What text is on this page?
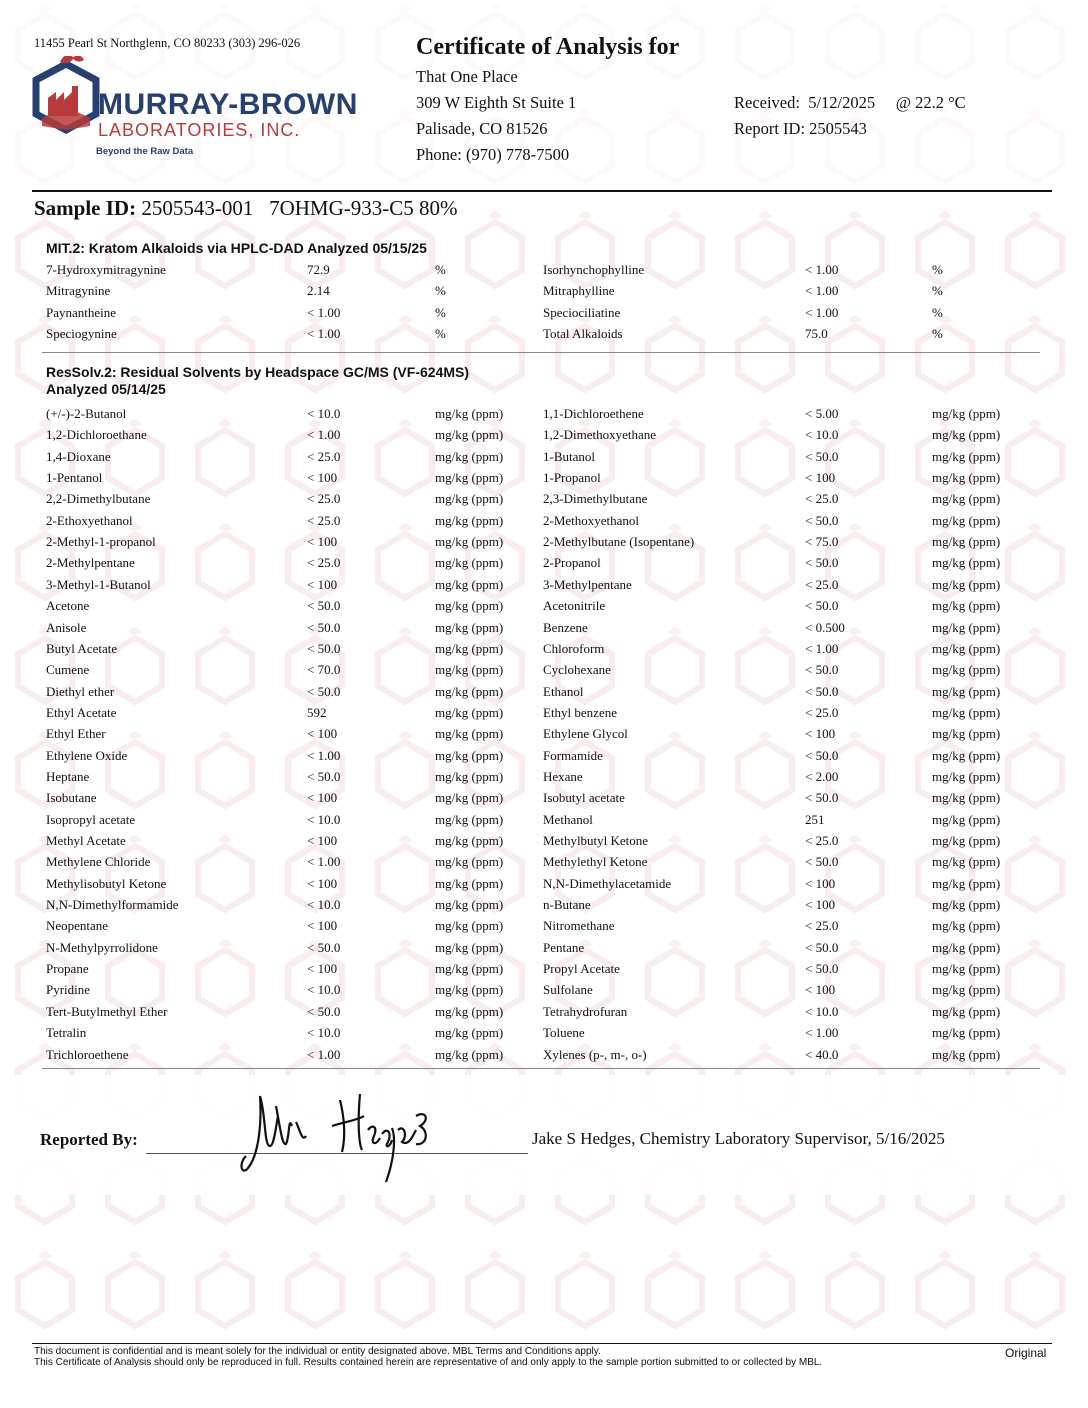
11455 Pearl St Northglenn, CO 80233 (303) 296-026
MURRAY-BROWN
LABORATORIES, INC.
Beyond the Raw Data
Certificate of Analysis for
That One Place
309 W Eighth St Suite 1
Palisade, CO 81526
Phone: (970) 778-7500
Received:  5/12/2025     @ 22.2 °C
Report ID: 2505543
Sample ID: 2505543-001   7OHMG-933-C5 80%
MIT.2: Kratom Alkaloids via HPLC-DAD Analyzed 05/15/25
7-Hydroxymitragynine	72.9	%	Isorhynchophylline	< 1.00	%
Mitragynine	2.14	%	Mitraphylline	< 1.00	%
Paynantheine	< 1.00	%	Speciociliatine	< 1.00	%
Speciogynine	< 1.00	%	Total Alkaloids	75.0	%
ResSolv.2: Residual Solvents by Headspace GC/MS (VF-624MS)
Analyzed 05/14/25
(+/-)-2-Butanol	< 10.0	mg/kg (ppm)	1,1-Dichloroethene	< 5.00	mg/kg (ppm)
1,2-Dichloroethane	< 1.00	mg/kg (ppm)	1,2-Dimethoxyethane	< 10.0	mg/kg (ppm)
1,4-Dioxane	< 25.0	mg/kg (ppm)	1-Butanol	< 50.0	mg/kg (ppm)
1-Pentanol	< 100	mg/kg (ppm)	1-Propanol	< 100	mg/kg (ppm)
2,2-Dimethylbutane	< 25.0	mg/kg (ppm)	2,3-Dimethylbutane	< 25.0	mg/kg (ppm)
2-Ethoxyethanol	< 25.0	mg/kg (ppm)	2-Methoxyethanol	< 50.0	mg/kg (ppm)
2-Methyl-1-propanol	< 100	mg/kg (ppm)	2-Methylbutane (Isopentane)	< 75.0	mg/kg (ppm)
2-Methylpentane	< 25.0	mg/kg (ppm)	2-Propanol	< 50.0	mg/kg (ppm)
3-Methyl-1-Butanol	< 100	mg/kg (ppm)	3-Methylpentane	< 25.0	mg/kg (ppm)
Acetone	< 50.0	mg/kg (ppm)	Acetonitrile	< 50.0	mg/kg (ppm)
Anisole	< 50.0	mg/kg (ppm)	Benzene	< 0.500	mg/kg (ppm)
Butyl Acetate	< 50.0	mg/kg (ppm)	Chloroform	< 1.00	mg/kg (ppm)
Cumene	< 70.0	mg/kg (ppm)	Cyclohexane	< 50.0	mg/kg (ppm)
Diethyl ether	< 50.0	mg/kg (ppm)	Ethanol	< 50.0	mg/kg (ppm)
Ethyl Acetate	592	mg/kg (ppm)	Ethyl benzene	< 25.0	mg/kg (ppm)
Ethyl Ether	< 100	mg/kg (ppm)	Ethylene Glycol	< 100	mg/kg (ppm)
Ethylene Oxide	< 1.00	mg/kg (ppm)	Formamide	< 50.0	mg/kg (ppm)
Heptane	< 50.0	mg/kg (ppm)	Hexane	< 2.00	mg/kg (ppm)
Isobutane	< 100	mg/kg (ppm)	Isobutyl acetate	< 50.0	mg/kg (ppm)
Isopropyl acetate	< 10.0	mg/kg (ppm)	Methanol	251	mg/kg (ppm)
Methyl Acetate	< 100	mg/kg (ppm)	Methylbutyl Ketone	< 25.0	mg/kg (ppm)
Methylene Chloride	< 1.00	mg/kg (ppm)	Methylethyl Ketone	< 50.0	mg/kg (ppm)
Methylisobutyl Ketone	< 100	mg/kg (ppm)	N,N-Dimethylacetamide	< 100	mg/kg (ppm)
N,N-Dimethylformamide	< 10.0	mg/kg (ppm)	n-Butane	< 100	mg/kg (ppm)
Neopentane	< 100	mg/kg (ppm)	Nitromethane	< 25.0	mg/kg (ppm)
N-Methylpyrrolidone	< 50.0	mg/kg (ppm)	Pentane	< 50.0	mg/kg (ppm)
Propane	< 100	mg/kg (ppm)	Propyl Acetate	< 50.0	mg/kg (ppm)
Pyridine	< 10.0	mg/kg (ppm)	Sulfolane	< 100	mg/kg (ppm)
Tert-Butylmethyl Ether	< 50.0	mg/kg (ppm)	Tetrahydrofuran	< 10.0	mg/kg (ppm)
Tetralin	< 10.0	mg/kg (ppm)	Toluene	< 1.00	mg/kg (ppm)
Trichloroethene	< 1.00	mg/kg (ppm)	Xylenes (p-, m-, o-)	< 40.0	mg/kg (ppm)
Reported By:	Jake S Hedges, Chemistry Laboratory Supervisor, 5/16/2025
This document is confidential and is meant solely for the individual or entity designated above. MBL Terms and Conditions apply.
This Certificate of Analysis should only be reproduced in full. Results contained herein are representative of and only apply to the sample portion submitted to or collected by MBL.
Original
